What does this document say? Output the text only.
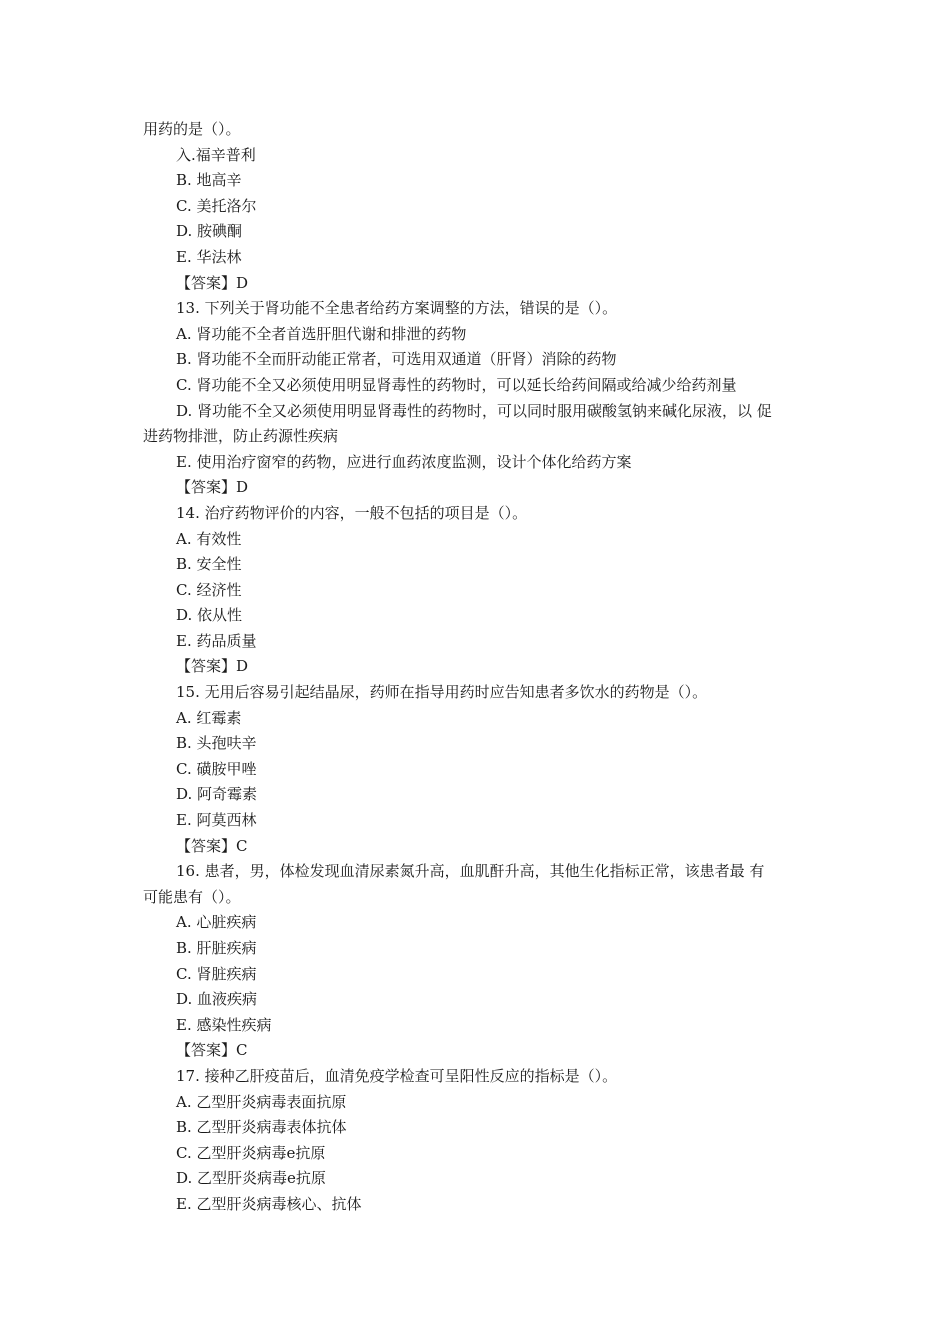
用药的是（）。
入.福辛普利
B. 地高辛
C. 美托洛尔
D. 胺碘酮
E. 华法林
【答案】D
13. 下列关于肾功能不全患者给药方案调整的方法，错误的是（）。
A. 肾功能不全者首选肝胆代谢和排泄的药物
B. 肾功能不全而肝动能正常者，可选用双通道（肝肾）消除的药物
C. 肾功能不全又必须使用明显肾毒性的药物时，可以延长给药间隔或给减少给药剂量
D. 肾功能不全又必须使用明显肾毒性的药物时，可以同时服用碳酸氢钠来碱化尿液，以 促
进药物排泄，防止药源性疾病
E. 使用治疗窗窄的药物，应进行血药浓度监测，设计个体化给药方案
【答案】D
14. 治疗药物评价的内容，一般不包括的项目是（）。
A. 有效性
B. 安全性
C. 经济性
D. 依从性
E. 药品质量
【答案】D
15. 无用后容易引起结晶尿，药师在指导用药时应告知患者多饮水的药物是（）。
A. 红霉素
B. 头孢呋辛
C. 磺胺甲唑
D. 阿奇霉素
E. 阿莫西林
【答案】C
16. 患者，男，体检发现血清尿素氮升高，血肌酐升高，其他生化指标正常，该患者最 有
可能患有（）。
A. 心脏疾病
B. 肝脏疾病
C. 肾脏疾病
D. 血液疾病
E. 感染性疾病
【答案】C
17. 接种乙肝疫苗后，血清免疫学检查可呈阳性反应的指标是（）。
A. 乙型肝炎病毒表面抗原
B. 乙型肝炎病毒表体抗体
C. 乙型肝炎病毒e抗原
D. 乙型肝炎病毒e抗原
E. 乙型肝炎病毒核心、抗体
